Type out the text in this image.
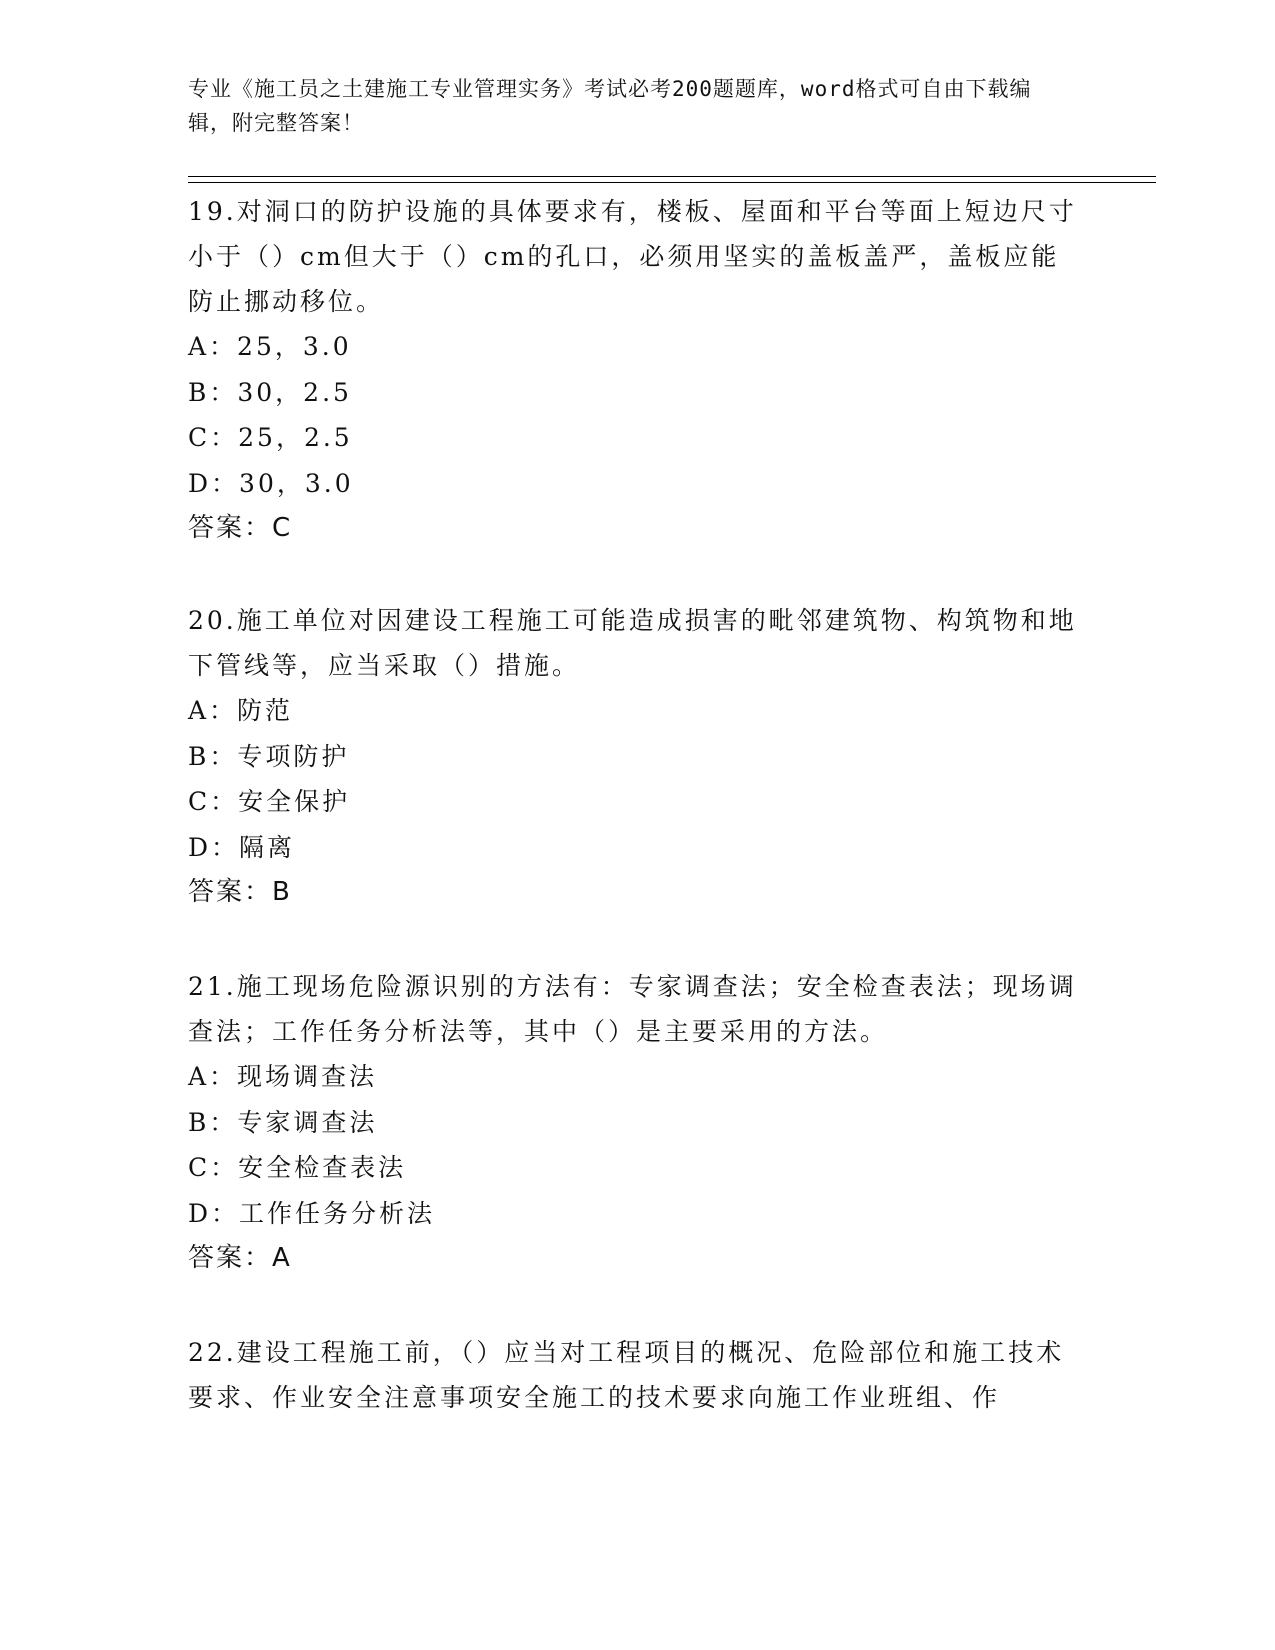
专业《施工员之土建施工专业管理实务》考试必考200题题库，word格式可自由下载编辑，附完整答案！

19.对洞口的防护设施的具体要求有，楼板、屋面和平台等面上短边尺寸小于（）cm但大于（）cm的孔口，必须用坚实的盖板盖严，盖板应能防止挪动移位。

A：25，3.0

B：30，2.5

C：25，2.5

D：30，3.0

答案：C

20.施工单位对因建设工程施工可能造成损害的毗邻建筑物、构筑物和地下管线等，应当采取（）措施。

A：防范

B：专项防护

C：安全保护

D：隔离

答案：B

21.施工现场危险源识别的方法有：专家调查法；安全检查表法；现场调查法；工作任务分析法等，其中（）是主要采用的方法。

A：现场调查法

B：专家调查法

C：安全检查表法

D：工作任务分析法

答案：A

22.建设工程施工前，（）应当对工程项目的概况、危险部位和施工技术要求、作业安全注意事项安全施工的技术要求向施工作业班组、作
